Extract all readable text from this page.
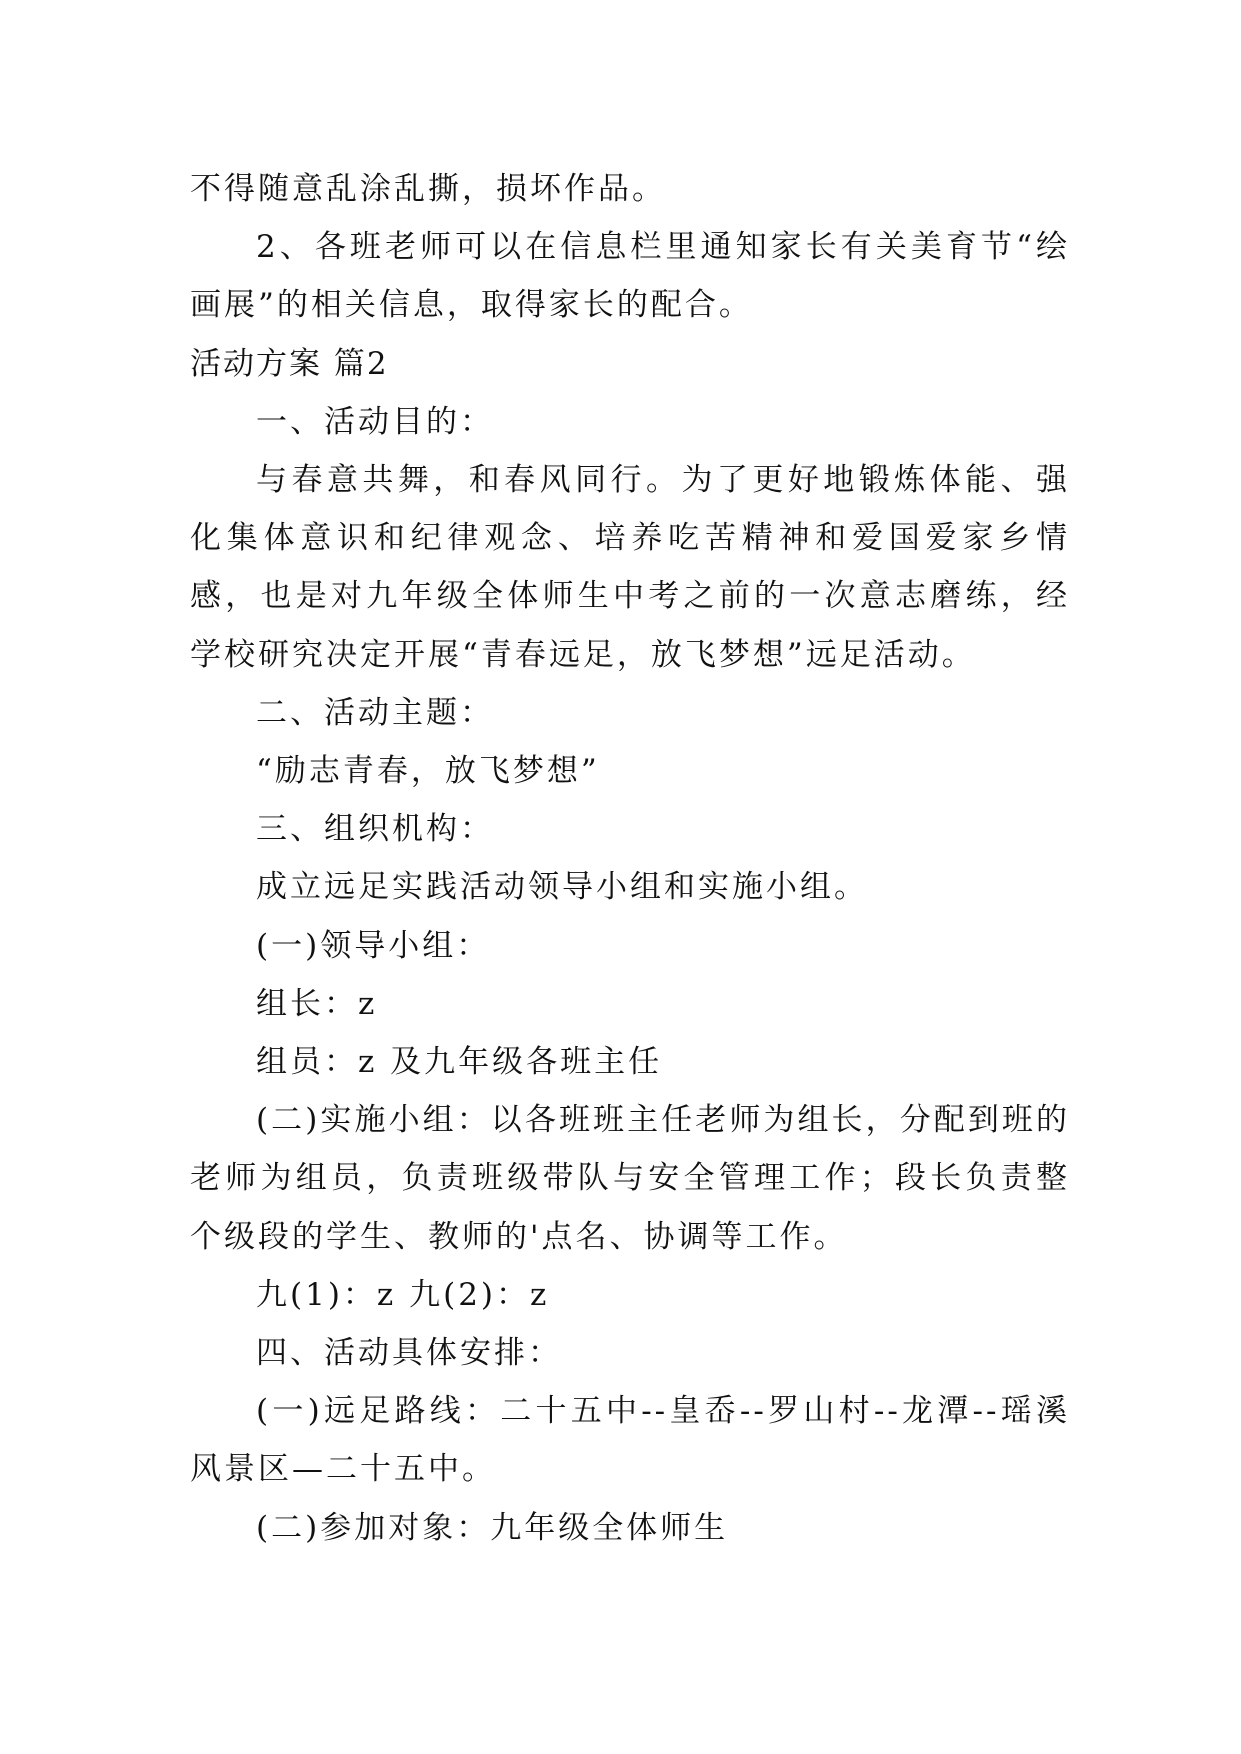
不得随意乱涂乱撕，损坏作品。

2、各班老师可以在信息栏里通知家长有关美育节“绘画展”的相关信息，取得家长的配合。

活动方案 篇2

一、活动目的：

与春意共舞，和春风同行。为了更好地锻炼体能、强化集体意识和纪律观念、培养吃苦精神和爱国爱家乡情感，也是对九年级全体师生中考之前的一次意志磨练，经学校研究决定开展“青春远足，放飞梦想”远足活动。

二、活动主题：

“励志青春，放飞梦想”

三、组织机构：

成立远足实践活动领导小组和实施小组。

(一)领导小组：

组长：z

组员：z 及九年级各班主任

(二)实施小组：以各班班主任老师为组长，分配到班的老师为组员，负责班级带队与安全管理工作；段长负责整个级段的学生、教师的'点名、协调等工作。

九(1)：z 九(2)：z

四、活动具体安排：

(一)远足路线：二十五中--皇岙--罗山村--龙潭--瑶溪风景区—二十五中。

(二)参加对象：九年级全体师生
